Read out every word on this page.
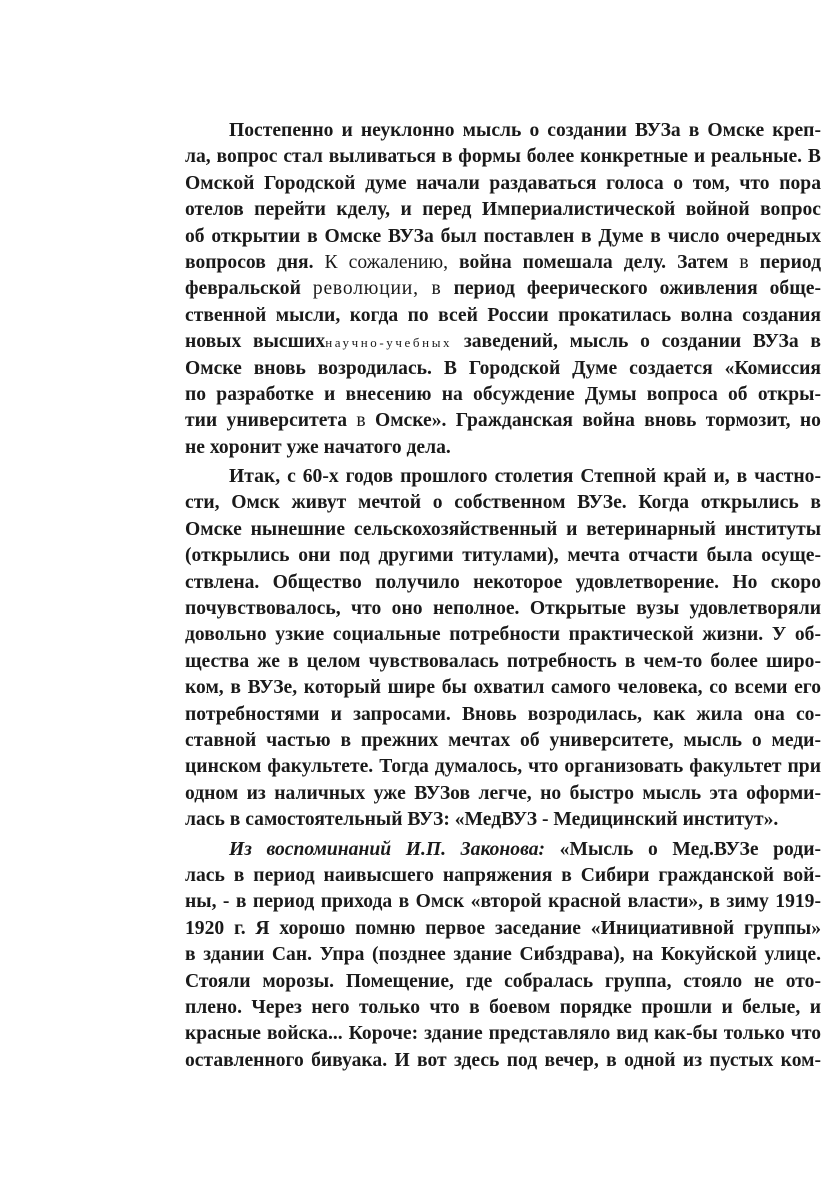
Постепенно и неуклонно мысль о создании ВУЗа в Омске креп-
ла, вопрос стал выливаться в формы более конкретные и реальные. В
Омской Городской думе начали раздаваться голоса о том, что пора
отелов перейти кделу, и перед Империалистической войной вопрос
об открытии в Омске ВУЗа был поставлен в Думе в число очередных
вопросов дня. К сожалению, война помешала делу. Затем в период
февральской революции, в период феерического оживления обще-
ственной мысли, когда по всей России прокатилась волна создания
новых высшихнаучно-учебных заведений, мысль о создании ВУЗа в
Омске вновь возродилась. В Городской Думе создается «Комиссия
по разработке и внесению на обсуждение Думы вопроса об откры-
тии университета в Омске». Гражданская война вновь тормозит, но
не хоронит уже начатого дела.
Итак, с 60-х годов прошлого столетия Степной край и, в частно-
сти, Омск живут мечтой о собственном ВУЗе. Когда открылись в
Омске нынешние сельскохозяйственный и ветеринарный институты
(открылись они под другими титулами), мечта отчасти была осуще-
ствлена. Общество получило некоторое удовлетворение. Но скоро
почувствовалось, что оно неполное. Открытые вузы удовлетворяли
довольно узкие социальные потребности практической жизни. У об-
щества же в целом чувствовалась потребность в чем-то более широ-
ком, в ВУЗе, который шире бы охватил самого человека, со всеми его
потребностями и запросами. Вновь возродилась, как жила она со-
ставной частью в прежних мечтах об университете, мысль о меди-
цинском факультете. Тогда думалось, что организовать факультет при
одном из наличных уже ВУЗов легче, но быстро мысль эта оформи-
лась в самостоятельный ВУЗ: «МедВУЗ - Медицинский институт».
Из воспоминаний И.П. Законова: «Мысль о Мед.ВУЗе роди-
лась в период наивысшего напряжения в Сибири гражданской вой-
ны, - в период прихода в Омск «второй красной власти», в зиму 1919-
1920 г. Я хорошо помню первое заседание «Инициативной группы»
в здании Сан. Упра (позднее здание Сибздрава), на Кокуйской улице.
Стояли морозы. Помещение, где собралась группа, стояло не ото-
плено. Через него только что в боевом порядке прошли и белые, и
красные войска... Короче: здание представляло вид как-бы только что
оставленного бивуака. И вот здесь под вечер, в одной из пустых ком-
